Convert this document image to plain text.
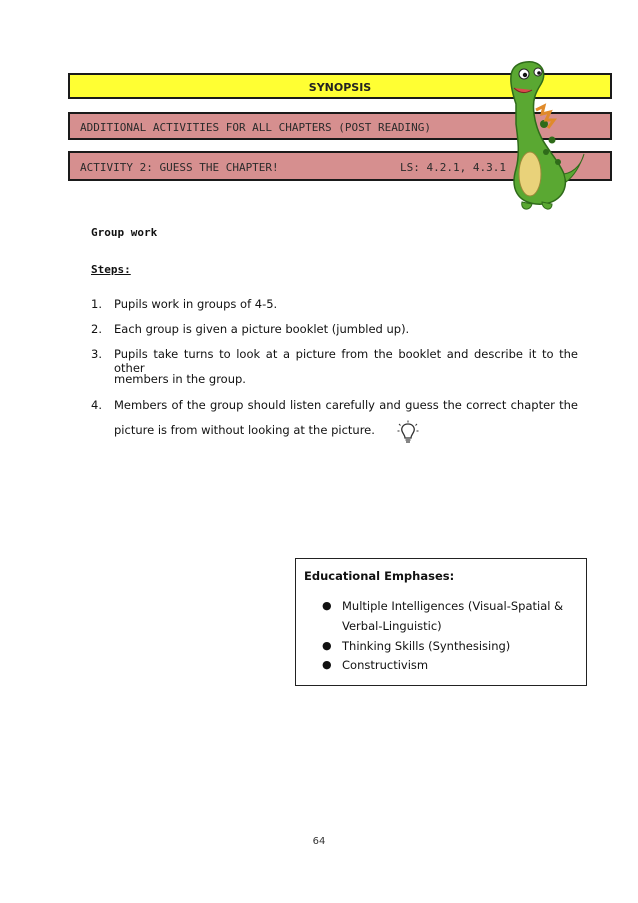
SYNOPSIS
ADDITIONAL ACTIVITIES FOR ALL CHAPTERS (POST READING)
ACTIVITY 2: GUESS THE CHAPTER!	LS: 4.2.1, 4.3.1
Group work
Steps:
1. Pupils work in groups of 4-5.
2. Each group is given a picture booklet (jumbled up).
3. Pupils take turns to look at a picture from the booklet and describe it to the other
members in the group.
4. Members of the group should listen carefully and guess the correct chapter the
picture is from without looking at the picture.
Educational Emphases:
● Multiple Intelligences (Visual-Spatial &
Verbal-Linguistic)
● Thinking Skills (Synthesising)
● Constructivism
64
